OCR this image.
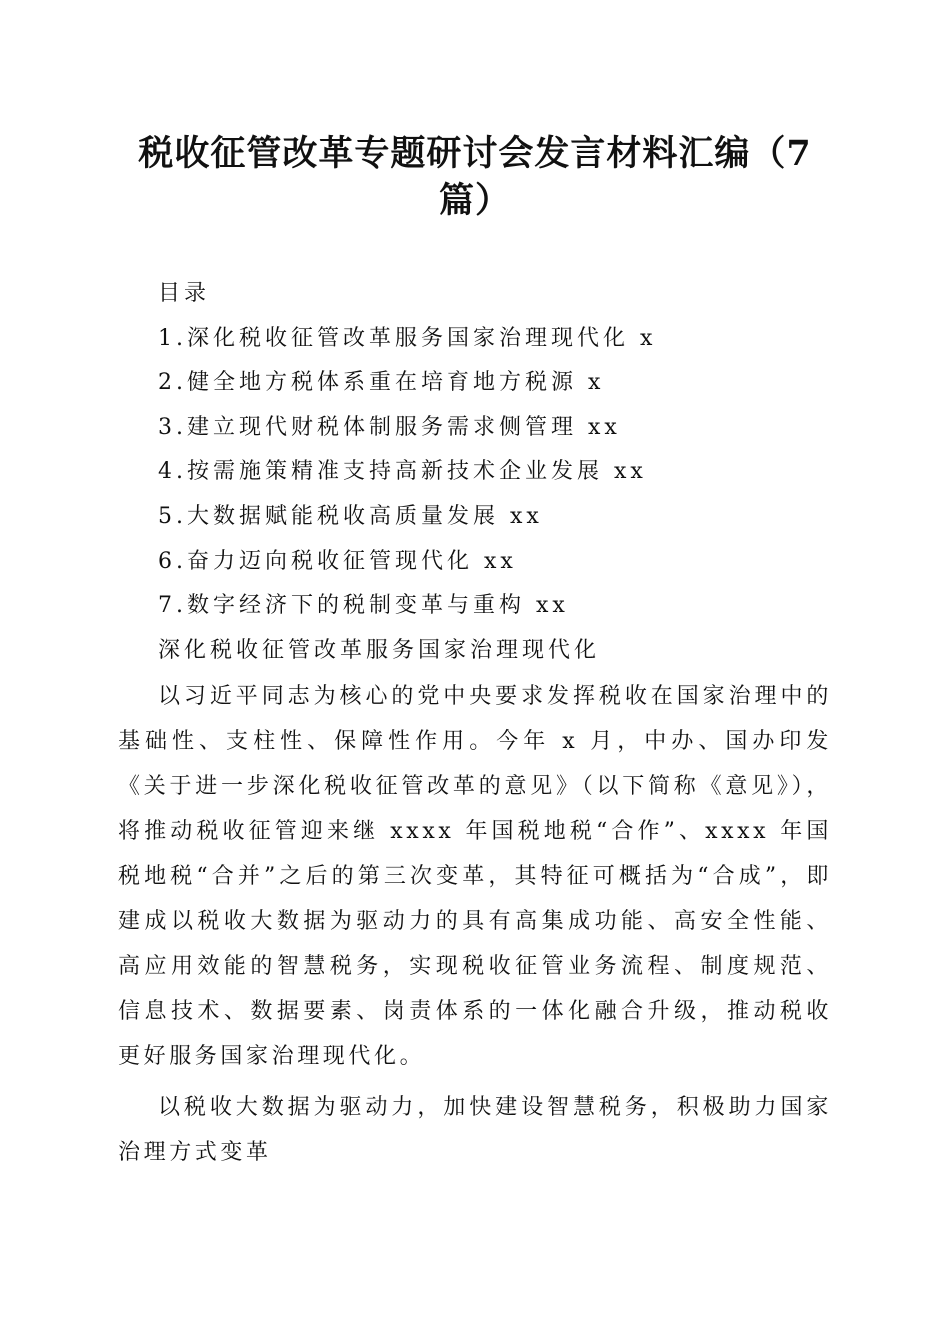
税收征管改革专题研讨会发言材料汇编（7篇）
目录
1.深化税收征管改革服务国家治理现代化 x
2.健全地方税体系重在培育地方税源 x
3.建立现代财税体制服务需求侧管理 xx
4.按需施策精准支持高新技术企业发展 xx
5.大数据赋能税收高质量发展 xx
6.奋力迈向税收征管现代化 xx
7.数字经济下的税制变革与重构 xx
深化税收征管改革服务国家治理现代化

以习近平同志为核心的党中央要求发挥税收在国家治理中的基础性、支柱性、保障性作用。今年 x 月，中办、国办印发《关于进一步深化税收征管改革的意见》（以下简称《意见》），将推动税收征管迎来继 xxxx 年国税地税“合作”、xxxx 年国税地税“合并”之后的第三次变革，其特征可概括为“合成”，即建成以税收大数据为驱动力的具有高集成功能、高安全性能、高应用效能的智慧税务，实现税收征管业务流程、制度规范、信息技术、数据要素、岗责体系的一体化融合升级，推动税收更好服务国家治理现代化。

以税收大数据为驱动力，加快建设智慧税务，积极助力国家治理方式变革
